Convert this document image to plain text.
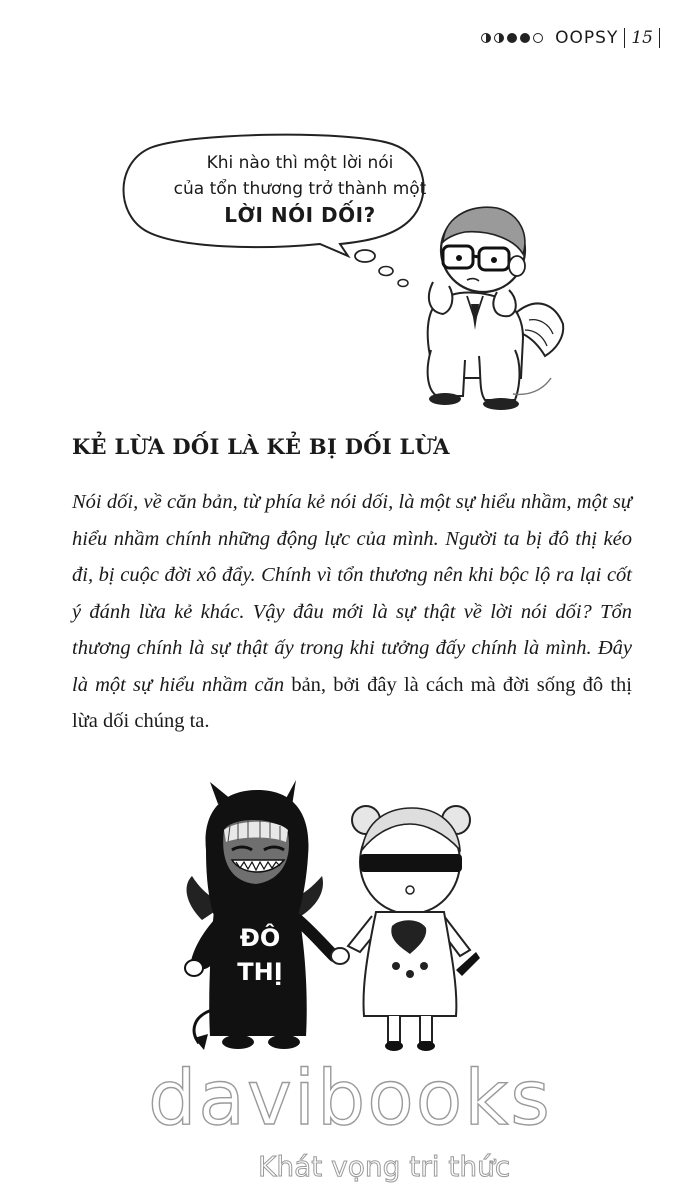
OOPSY 15
Khi nào thì một lời nói
của tổn thương trở thành một
LỜI NÓI DỐI?
KẺ LỪA DỐI LÀ KẺ BỊ DỐI LỪA

Nói dối, về căn bản, từ phía kẻ nói dối, là một sự hiểu nhầm, một sự hiểu nhầm chính những động lực của mình. Người ta bị đô thị kéo đi, bị cuộc đời xô đẩy. Chính vì tổn thương nên khi bộc lộ ra lại cốt ý đánh lừa kẻ khác. Vậy đâu mới là sự thật về lời nói dối? Tổn thương chính là sự thật ấy trong khi tưởng đấy chính là mình. Đây là một sự hiểu nhầm căn bản, bởi đây là cách mà đời sống đô thị lừa dối chúng ta.

ĐÔ
THỊ
davibooks
Khát vọng tri thức
